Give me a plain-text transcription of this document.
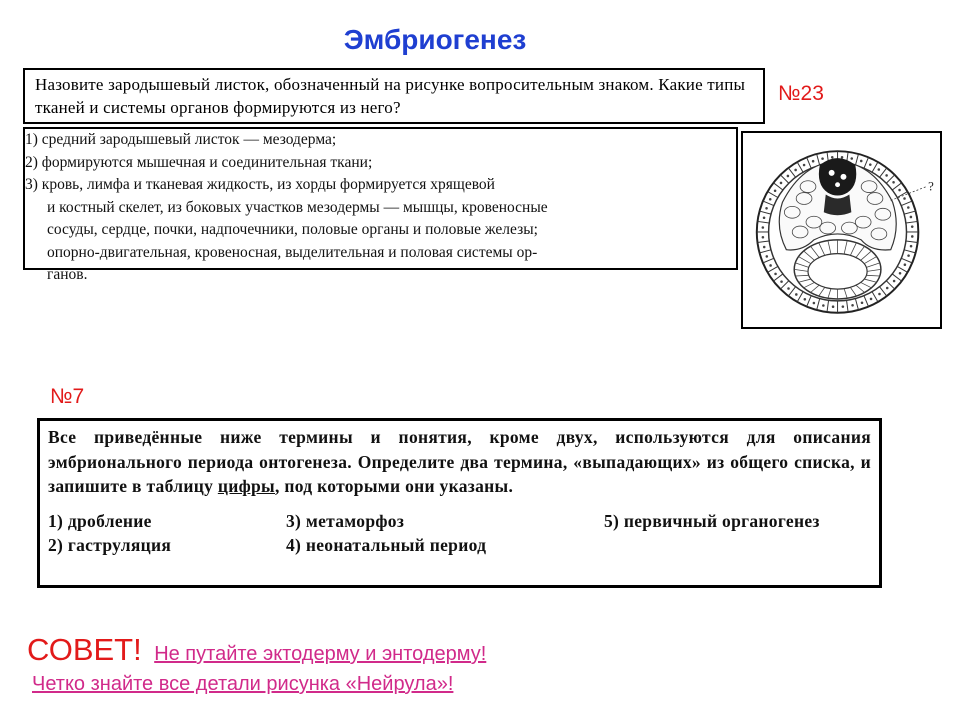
Эмбриогенез
Назовите зародышевый листок, обозначенный на рисунке вопросительным знаком. Какие типы тканей и системы органов формируются из него?
№23
1) средний зародышевый листок — мезодерма;
2) формируются мышечная и соединительная ткани;
3) кровь, лимфа и тканевая жидкость, из хорды формируется хрящевой
и костный скелет, из боковых участков мезодермы — мышцы, кровеносные
сосуды, сердце, почки, надпочечники, половые органы и половые железы;
опорно-двигательная, кровеносная, выделительная и половая системы ор-
ганов.
?
№7
Все приведённые ниже термины и понятия, кроме двух, используются для описания эмбрионального периода онтогенеза. Определите два термина, «выпадающих» из общего списка, и запишите в таблицу цифры, под которыми они указаны.
1) дробление	3) метаморфоз	5) первичный органогенез
2) гаструляция	4) неонатальный период
СОВЕТ! Не путайте эктодерму и энтодерму!
Четко знайте все детали рисунка «Нейрула»!
